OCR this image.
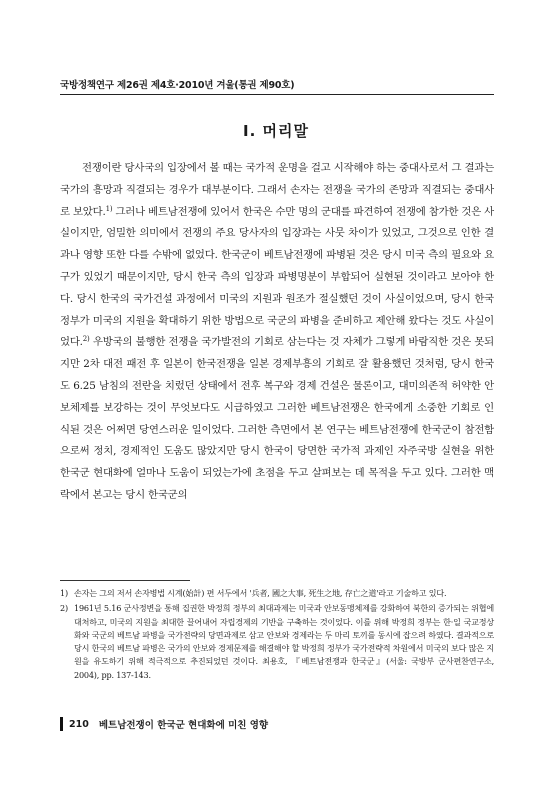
국방정책연구 제26권 제4호·2010년 겨울(통권 제90호)
Ⅰ. 머리말

전쟁이란 당사국의 입장에서 볼 때는 국가적 운명을 걸고 시작해야 하는 중대사로서 그 결과는 국가의 흥망과 직결되는 경우가 대부분이다. 그래서 손자는 전쟁을 국가의 존망과 직결되는 중대사로 보았다.$^{1)}$ 그러나 베트남전쟁에 있어서 한국은 수만 명의 군대를 파견하여 전쟁에 참가한 것은 사실이지만, 엄밀한 의미에서 전쟁의 주요 당사자의 입장과는 사뭇 차이가 있었고, 그것으로 인한 결과나 영향 또한 다를 수밖에 없었다. 한국군이 베트남전쟁에 파병된 것은 당시 미국 측의 필요와 요구가 있었기 때문이지만, 당시 한국 측의 입장과 파병명분이 부합되어 실현된 것이라고 보아야 한다. 당시 한국의 국가건설 과정에서 미국의 지원과 원조가 절실했던 것이 사실이었으며, 당시 한국 정부가 미국의 지원을 확대하기 위한 방법으로 국군의 파병을 준비하고 제안해 왔다는 것도 사실이었다.$^{2)}$ 우방국의 불행한 전쟁을 국가발전의 기회로 삼는다는 것 자체가 그렇게 바람직한 것은 못되지만 2차 대전 패전 후 일본이 한국전쟁을 일본 경제부흥의 기회로 잘 활용했던 것처럼, 당시 한국도 6.25 남침의 전란을 치렀던 상태에서 전후 복구와 경제 건설은 물론이고, 대미의존적 허약한 안보체제를 보강하는 것이 무엇보다도 시급하였고 그러한 베트남전쟁은 한국에게 소중한 기회로 인식된 것은 어쩌면 당연스러운 일이었다. 그러한 측면에서 본 연구는 베트남전쟁에 한국군이 참전함으로써 정치, 경제적인 도움도 많았지만 당시 한국이 당면한 국가적 과제인 자주국방 실현을 위한 한국군 현대화에 얼마나 도움이 되었는가에 초점을 두고 살펴보는 데 목적을 두고 있다. 그러한 맥락에서 본고는 당시 한국군의

1) 손자는 그의 저서 손자병법 시계(始計) 편 서두에서 '兵者, 國之大事, 死生之地, 存亡之道'라고 기술하고 있다.
2) 1961년 5.16 군사정변을 통해 집권한 박정희 정부의 최대과제는 미국과 안보동맹체제를 강화하여 북한의 증가되는 위협에 대처하고, 미국의 지원을 최대한 끌어내어 자립경제의 기반을 구축하는 것이었다. 이를 위해 박정희 정부는 한·일 국교정상화와 국군의 베트남 파병을 국가전략의 당면과제로 삼고 안보와 경제라는 두 마리 토끼를 동시에 잡으려 하였다. 결과적으로 당시 한국의 베트남 파병은 국가의 안보와 경제문제를 해결해야 할 박정희 정부가 국가전략적 차원에서 미국의 보다 많은 지원을 유도하기 위해 적극적으로 추진되었던 것이다. 최용호, 『베트남전쟁과 한국군』(서울: 국방부 군사편찬연구소, 2004), pp. 137-143.
210 베트남전쟁이 한국군 현대화에 미친 영향
